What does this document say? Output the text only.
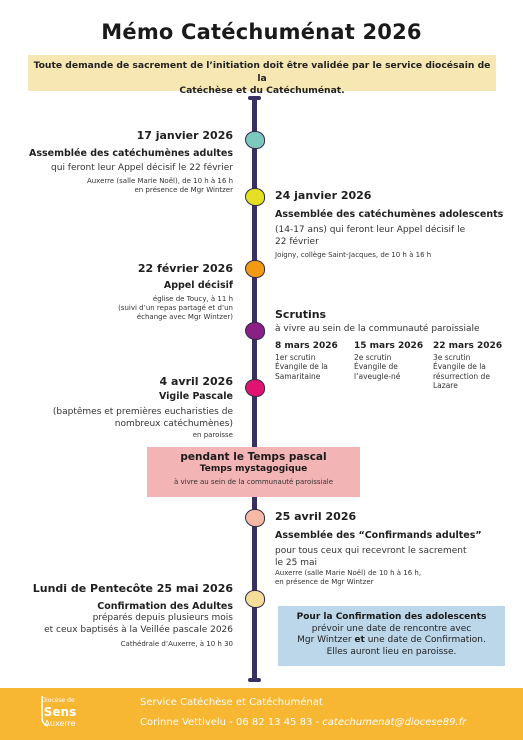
Mémo Catéchuménat 2026
Toute demande de sacrement de l’initiation doit être validée par le service diocésain de la
Catéchèse et du Catéchuménat.
17 janvier 2026
Assemblée des catéchumènes adultes
qui feront leur Appel décisif le 22 février
Auxerre (salle Marie Noël), de 10 h à 16 h
en présence de Mgr Wintzer	24 janvier 2026
Assemblée des catéchumènes adolescents
(14-17 ans) qui feront leur Appel décisif le
22 février
Joigny, collège Saint-Jacques, de 10 h à 16 h
22 février 2026
Appel décisif
église de Toucy, à 11 h
(suivi d’un repas partagé et d’un
échange avec Mgr Wintzer)	Scrutins
à vivre au sein de la communauté paroissiale
8 mars 2026
1er scrutin
Évangile de la
Samaritaine
15 mars 2026
2e scrutin
Évangile de
l’aveugle-né
22 mars 2026
3e scrutin
Évangile de la
résurrection de
Lazare
4 avril 2026
Vigile Pascale
(baptêmes et premières eucharisties de
nombreux catéchumènes)
en paroisse
pendant le Temps pascal
Temps mystagogique
à vivre au sein de la communauté paroissiale
25 avril 2026
Assemblée des “Confirmands adultes”
pour tous ceux qui recevront le sacrement
le 25 mai
Auxerre (salle Marie Noël) de 10 h à 16 h,
en présence de Mgr Wintzer
Lundi de Pentecôte 25 mai 2026
Confirmation des Adultes
préparés depuis plusieurs mois
et ceux baptisés à la Veillée pascale 2026
Cathédrale d’Auxerre, à 10 h 30
Pour la Confirmation des adolescents
prévoir une date de rencontre avec
Mgr Wintzer et une date de Confirmation.
Elles auront lieu en paroisse.
Diocèse de
Sens
Auxerre
Service Catéchèse et Catéchuménat
Corinne Vettivelu - 06 82 13 45 83 - catechumenat@diocese89.fr
